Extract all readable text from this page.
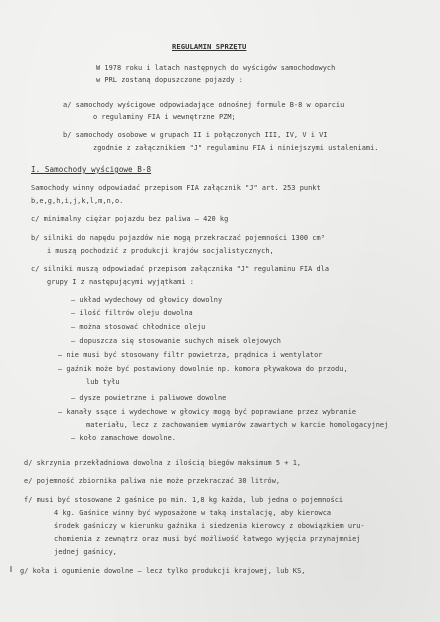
REGULAMIN SPRZĘTU
W 1978 roku i latach następnych do wyścigów samochodowych
w PRL zostaną dopuszczone pojazdy :
a/ samochody wyścigowe odpowiadające odnośnej formule B-8 w oparciu
o regulaminy FIA i wewnętrzne PZM;
b/ samochody osobowe w grupach II i połączonych III, IV, V i VI
zgodnie z załącznikiem "J" regulaminu FIA i niniejszymi ustaleniami.
I. Samochody wyścigowe B-8
Samochody winny odpowiadać przepisom FIA załącznik "J" art. 253 punkt
b,e,g,h,i,j,k,l,m,n,o.
c/ minimalny ciężar pojazdu bez paliwa – 420 kg
b/ silniki do napędu pojazdów nie mogą przekraczać pojemności 1300 cm³
i muszą pochodzić z produkcji krajów socjalistycznych,
c/ silniki muszą odpowiadać przepisom załącznika "J" regulaminu FIA dla
grupy I z następującymi wyjątkami :
– układ wydechowy od głowicy dowolny
– ilość filtrów oleju dowolna
– można stosować chłodnice oleju
– dopuszcza się stosowanie suchych misek olejowych
– nie musi być stosowany filtr powietrza, prądnica i wentylator
– gaźnik może być postawiony dowolnie np. komora pływakowa do przodu,
lub tyłu
– dysze powietrzne i paliwowe dowolne
– kanały ssące i wydechowe w głowicy mogą być poprawiane przez wybranie
materiału, lecz z zachowaniem wymiarów zawartych w karcie homologacyjnej
– koło zamachowe dowolne.
d/ skrzynia przekładniowa dowolna z ilością biegów maksimum 5 + 1,
e/ pojemność zbiornika paliwa nie może przekraczać 30 litrów,
f/ musi być stosowane 2 gaśnice po min. 1,8 kg każda, lub jedna o pojemności
4 kg. Gaśnice winny być wyposażone w taką instalację, aby kierowca
środek gaśniczy w kierunku gaźnika i siedzenia kierowcy z obowiązkiem uru-
chomienia z zewnątrz oraz musi być możliwość łatwego wyjęcia przynajmniej
jednej gaśnicy,
g/ koła i ogumienie dowolne – lecz tylko produkcji krajowej, lub KS,
